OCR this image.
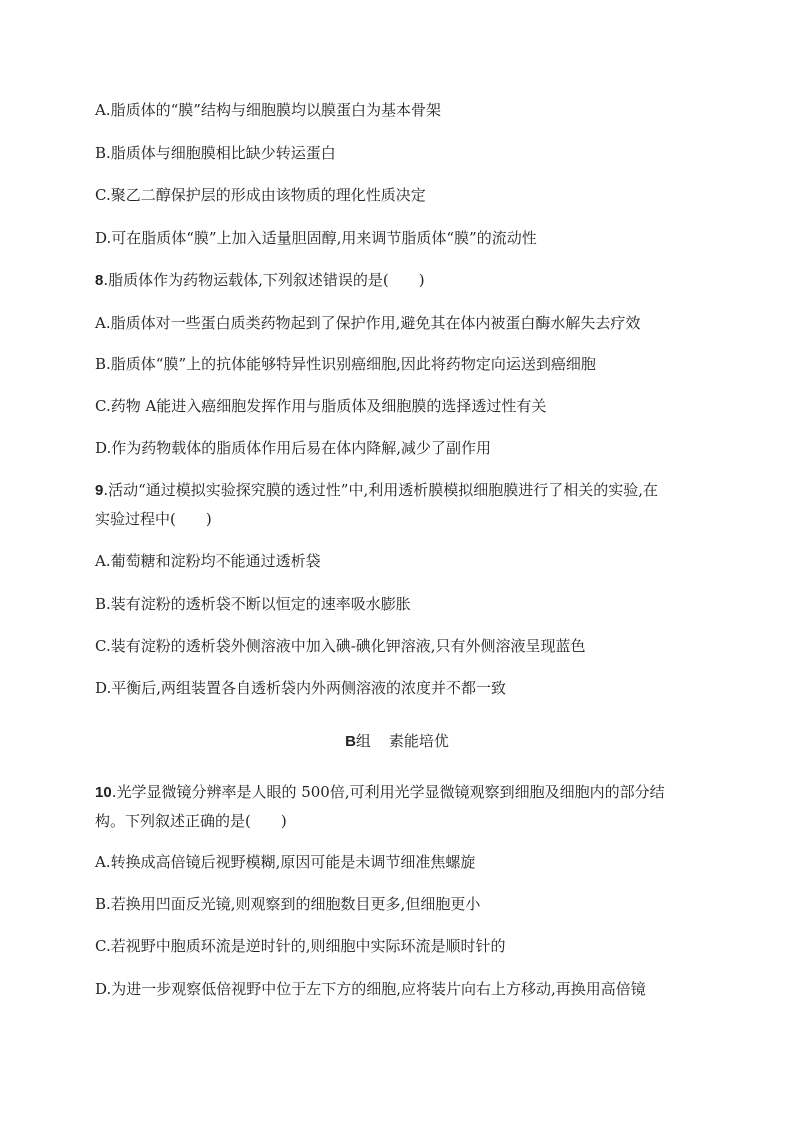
A.脂质体的“膜”结构与细胞膜均以膜蛋白为基本骨架
B.脂质体与细胞膜相比缺少转运蛋白
C.聚乙二醇保护层的形成由该物质的理化性质决定
D.可在脂质体“膜”上加入适量胆固醇,用来调节脂质体“膜”的流动性
8.脂质体作为药物运载体,下列叙述错误的是(　　)
A.脂质体对一些蛋白质类药物起到了保护作用,避免其在体内被蛋白酶水解失去疗效
B.脂质体“膜”上的抗体能够特异性识别癌细胞,因此将药物定向运送到癌细胞
C.药物 A能进入癌细胞发挥作用与脂质体及细胞膜的选择透过性有关
D.作为药物载体的脂质体作用后易在体内降解,减少了副作用
9.活动“通过模拟实验探究膜的透过性”中,利用透析膜模拟细胞膜进行了相关的实验,在
实验过程中(　　)
A.葡萄糖和淀粉均不能通过透析袋
B.装有淀粉的透析袋不断以恒定的速率吸水膨胀
C.装有淀粉的透析袋外侧溶液中加入碘-碘化钾溶液,只有外侧溶液呈现蓝色
D.平衡后,两组装置各自透析袋内外两侧溶液的浓度并不都一致
B组 素能培优
10.光学显微镜分辨率是人眼的 500倍,可利用光学显微镜观察到细胞及细胞内的部分结
构。下列叙述正确的是(　　)
A.转换成高倍镜后视野模糊,原因可能是未调节细准焦螺旋
B.若换用凹面反光镜,则观察到的细胞数目更多,但细胞更小
C.若视野中胞质环流是逆时针的,则细胞中实际环流是顺时针的
D.为进一步观察低倍视野中位于左下方的细胞,应将装片向右上方移动,再换用高倍镜
